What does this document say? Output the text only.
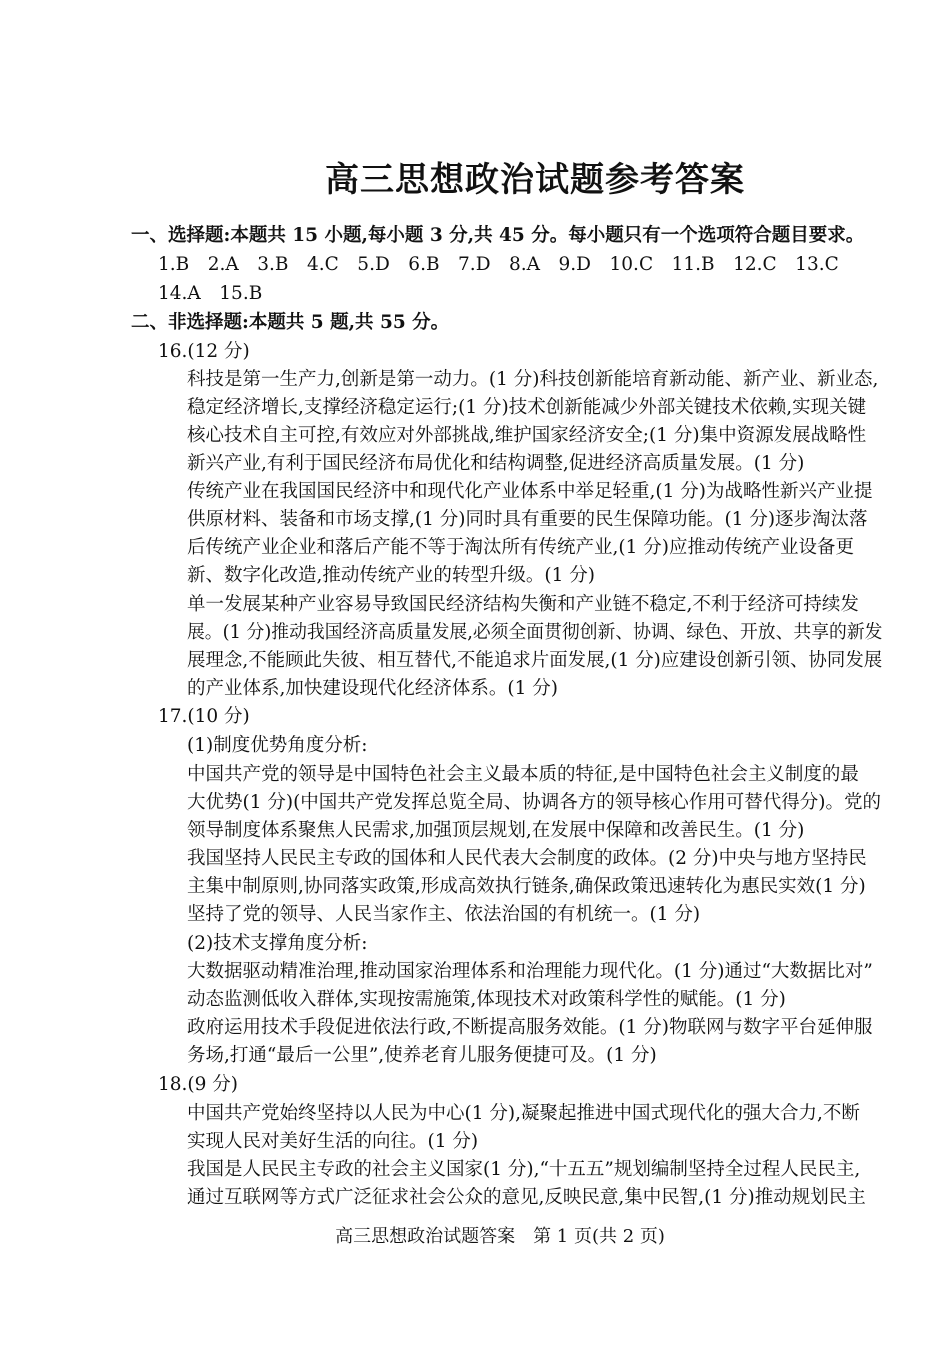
高三思想政治试题参考答案
一、选择题:本题共 15 小题,每小题 3 分,共 45 分。每小题只有一个选项符合题目要求。
1.B　2.A　3.B　4.C　5.D　6.B　7.D　8.A　9.D　10.C　11.B　12.C　13.C
14.A　15.B
二、非选择题:本题共 5 题,共 55 分。
16.(12 分)
科技是第一生产力,创新是第一动力。(1 分)科技创新能培育新动能、新产业、新业态,
稳定经济增长,支撑经济稳定运行;(1 分)技术创新能减少外部关键技术依赖,实现关键
核心技术自主可控,有效应对外部挑战,维护国家经济安全;(1 分)集中资源发展战略性
新兴产业,有利于国民经济布局优化和结构调整,促进经济高质量发展。(1 分)
传统产业在我国国民经济中和现代化产业体系中举足轻重,(1 分)为战略性新兴产业提
供原材料、装备和市场支撑,(1 分)同时具有重要的民生保障功能。(1 分)逐步淘汰落
后传统产业企业和落后产能不等于淘汰所有传统产业,(1 分)应推动传统产业设备更
新、数字化改造,推动传统产业的转型升级。(1 分)
单一发展某种产业容易导致国民经济结构失衡和产业链不稳定,不利于经济可持续发
展。(1 分)推动我国经济高质量发展,必须全面贯彻创新、协调、绿色、开放、共享的新发
展理念,不能顾此失彼、相互替代,不能追求片面发展,(1 分)应建设创新引领、协同发展
的产业体系,加快建设现代化经济体系。(1 分)
17.(10 分)
(1)制度优势角度分析:
中国共产党的领导是中国特色社会主义最本质的特征,是中国特色社会主义制度的最
大优势(1 分)(中国共产党发挥总览全局、协调各方的领导核心作用可替代得分)。党的
领导制度体系聚焦人民需求,加强顶层规划,在发展中保障和改善民生。(1 分)
我国坚持人民民主专政的国体和人民代表大会制度的政体。(2 分)中央与地方坚持民
主集中制原则,协同落实政策,形成高效执行链条,确保政策迅速转化为惠民实效(1 分)
坚持了党的领导、人民当家作主、依法治国的有机统一。(1 分)
(2)技术支撑角度分析:
大数据驱动精准治理,推动国家治理体系和治理能力现代化。(1 分)通过“大数据比对”
动态监测低收入群体,实现按需施策,体现技术对政策科学性的赋能。(1 分)
政府运用技术手段促进依法行政,不断提高服务效能。(1 分)物联网与数字平台延伸服
务场,打通“最后一公里”,使养老育儿服务便捷可及。(1 分)
18.(9 分)
中国共产党始终坚持以人民为中心(1 分),凝聚起推进中国式现代化的强大合力,不断
实现人民对美好生活的向往。(1 分)
我国是人民民主专政的社会主义国家(1 分),“十五五”规划编制坚持全过程人民民主,
通过互联网等方式广泛征求社会公众的意见,反映民意,集中民智,(1 分)推动规划民主
高三思想政治试题答案　第 1 页(共 2 页)
